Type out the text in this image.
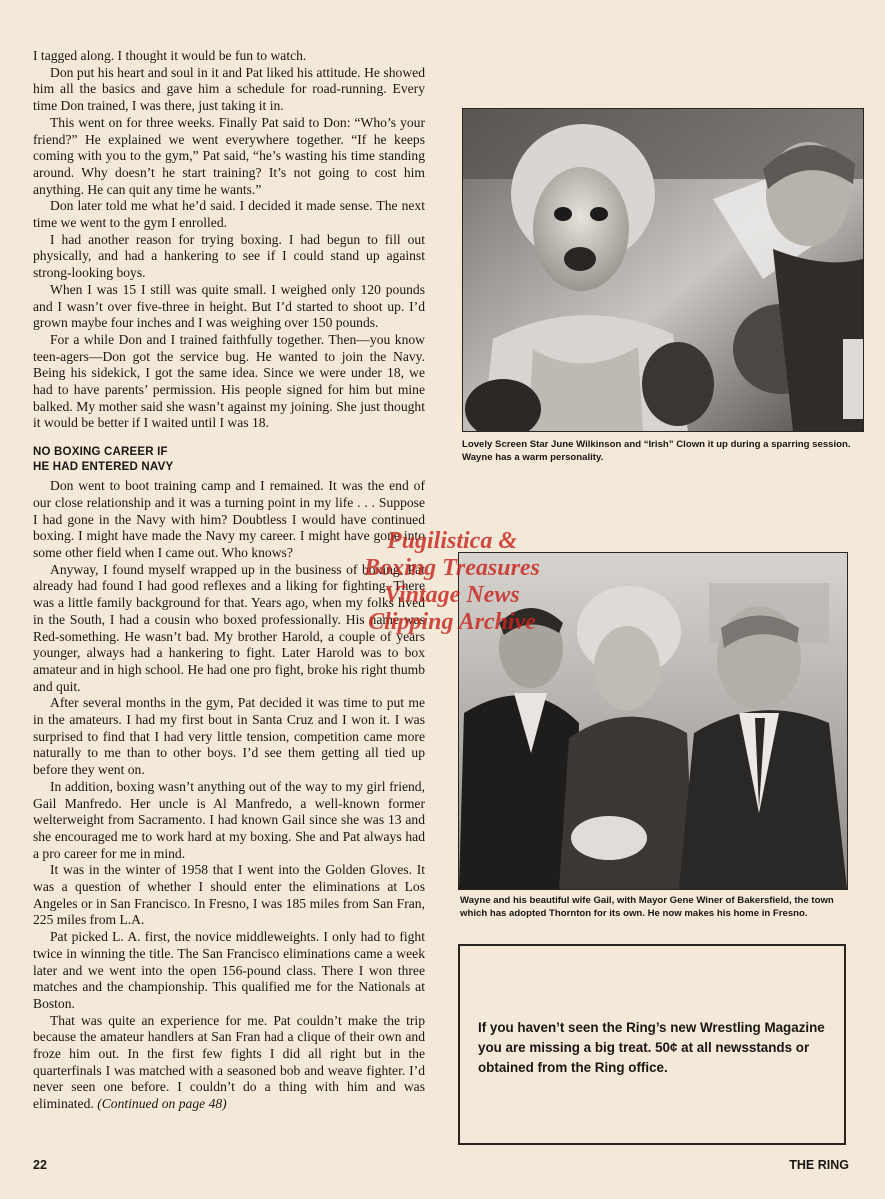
I tagged along. I thought it would be fun to watch.

Don put his heart and soul in it and Pat liked his attitude. He showed him all the basics and gave him a schedule for road-running. Every time Don trained, I was there, just taking it in.

This went on for three weeks. Finally Pat said to Don: “Who’s your friend?” He explained we went everywhere together. “If he keeps coming with you to the gym,” Pat said, “he’s wasting his time standing around. Why doesn’t he start training? It’s not going to cost him anything. He can quit any time he wants.”

Don later told me what he’d said. I decided it made sense. The next time we went to the gym I enrolled.

I had another reason for trying boxing. I had begun to fill out physically, and had a hankering to see if I could stand up against strong-looking boys.

When I was 15 I still was quite small. I weighed only 120 pounds and I wasn’t over five-three in height. But I’d started to shoot up. I’d grown maybe four inches and I was weighing over 150 pounds.

For a while Don and I trained faithfully together. Then—you know teen-agers—Don got the service bug. He wanted to join the Navy. Being his sidekick, I got the same idea. Since we were under 18, we had to have parents’ permission. His people signed for him but mine balked. My mother said she wasn’t against my joining. She just thought it would be better if I waited until I was 18.

NO BOXING CAREER IF
HE HAD ENTERED NAVY

Don went to boot training camp and I remained. It was the end of our close relationship and it was a turning point in my life . . . Suppose I had gone in the Navy with him? Doubtless I would have continued boxing. I might have made the Navy my career. I might have gone into some other field when I came out. Who knows?

Anyway, I found myself wrapped up in the business of boxing. Pat already had found I had good reflexes and a liking for fighting. There was a little family background for that. Years ago, when my folks lived in the South, I had a cousin who boxed professionally. His name was Red-something. He wasn’t bad. My brother Harold, a couple of years younger, always had a hankering to fight. Later Harold was to box amateur and in high school. He had one pro fight, broke his right thumb and quit.

After several months in the gym, Pat decided it was time to put me in the amateurs. I had my first bout in Santa Cruz and I won it. I was surprised to find that I had very little tension, competition came more naturally to me than to other boys. I’d see them getting all tied up before they went on.

In addition, boxing wasn’t anything out of the way to my girl friend, Gail Manfredo. Her uncle is Al Manfredo, a well-known former welterweight from Sacramento. I had known Gail since she was 13 and she encouraged me to work hard at my boxing. She and Pat always had a pro career for me in mind.

It was in the winter of 1958 that I went into the Golden Gloves. It was a question of whether I should enter the eliminations at Los Angeles or in San Francisco. In Fresno, I was 185 miles from San Fran, 225 miles from L.A.

Pat picked L. A. first, the novice middleweights. I only had to fight twice in winning the title. The San Francisco eliminations came a week later and we went into the open 156-pound class. There I won three matches and the championship. This qualified me for the Nationals at Boston.

That was quite an experience for me. Pat couldn’t make the trip because the amateur handlers at San Fran had a clique of their own and froze him out. In the first few fights I did all right but in the quarterfinals I was matched with a seasoned bob and weave fighter. I’d never seen one before. I couldn’t do a thing with him and was eliminated. (Continued on page 48)

Lovely Screen Star June Wilkinson and “Irish” Clown it up during a sparring session. Wayne has a warm personality.
Wayne and his beautiful wife Gail, with Mayor Gene Winer of Bakersfield, the town which has adopted Thornton for its own. He now makes his home in Fresno.
If you haven’t seen the Ring’s new Wrestling Magazine you are missing a big treat. 50¢ at all newsstands or obtained from the Ring office.
Pugilistica &
Boxing Treasures
Vintage News
Clipping Archive
22	THE RING
